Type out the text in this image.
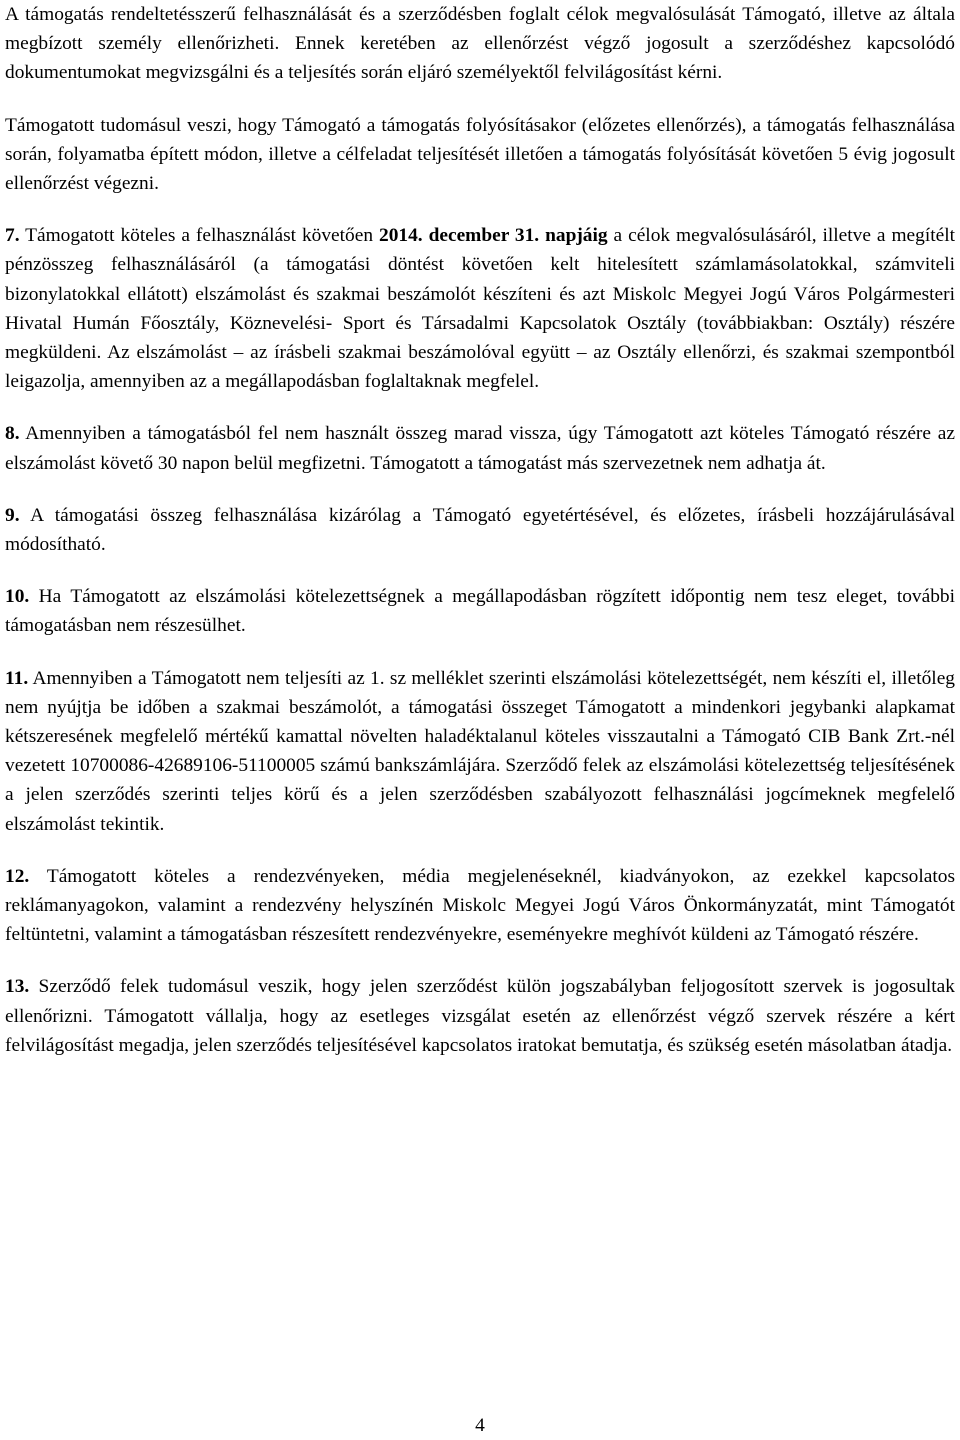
A támogatás rendeltetésszerű felhasználását és a szerződésben foglalt célok megvalósulását Támogató, illetve az általa megbízott személy ellenőrizheti. Ennek keretében az ellenőrzést végző jogosult a szerződéshez kapcsolódó dokumentumokat megvizsgálni és a teljesítés során eljáró személyektől felvilágosítást kérni.

Támogatott tudomásul veszi, hogy Támogató a támogatás folyósításakor (előzetes ellenőrzés), a támogatás felhasználása során, folyamatba épített módon, illetve a célfeladat teljesítését illetően a támogatás folyósítását követően 5 évig jogosult ellenőrzést végezni.

7. Támogatott köteles a felhasználást követően 2014. december 31. napjáig a célok megvalósulásáról, illetve a megítélt pénzösszeg felhasználásáról (a támogatási döntést követően kelt hitelesített számlamásolatokkal, számviteli bizonylatokkal ellátott) elszámolást és szakmai beszámolót készíteni és azt Miskolc Megyei Jogú Város Polgármesteri Hivatal Humán Főosztály, Köznevelési- Sport és Társadalmi Kapcsolatok Osztály (továbbiakban: Osztály) részére megküldeni. Az elszámolást – az írásbeli szakmai beszámolóval együtt – az Osztály ellenőrzi, és szakmai szempontból leigazolja, amennyiben az a megállapodásban foglaltaknak megfelel.

8. Amennyiben a támogatásból fel nem használt összeg marad vissza, úgy Támogatott azt köteles Támogató részére az elszámolást követő 30 napon belül megfizetni. Támogatott a támogatást más szervezetnek nem adhatja át.

9. A támogatási összeg felhasználása kizárólag a Támogató egyetértésével, és előzetes, írásbeli hozzájárulásával módosítható.

10. Ha Támogatott az elszámolási kötelezettségnek a megállapodásban rögzített időpontig nem tesz eleget, további támogatásban nem részesülhet.

11. Amennyiben a Támogatott nem teljesíti az 1. sz melléklet szerinti elszámolási kötelezettségét, nem készíti el, illetőleg nem nyújtja be időben a szakmai beszámolót, a támogatási összeget Támogatott a mindenkori jegybanki alapkamat kétszeresének megfelelő mértékű kamattal növelten haladéktalanul köteles visszautalni a Támogató CIB Bank Zrt.-nél vezetett 10700086-42689106-51100005 számú bankszámlájára. Szerződő felek az elszámolási kötelezettség teljesítésének a jelen szerződés szerinti teljes körű és a jelen szerződésben szabályozott felhasználási jogcímeknek megfelelő elszámolást tekintik.

12. Támogatott köteles a rendezvényeken, média megjelenéseknél, kiadványokon, az ezekkel kapcsolatos reklámanyagokon, valamint a rendezvény helyszínén Miskolc Megyei Jogú Város Önkormányzatát, mint Támogatót feltüntetni, valamint a támogatásban részesített rendezvényekre, eseményekre meghívót küldeni az Támogató részére.

13. Szerződő felek tudomásul veszik, hogy jelen szerződést külön jogszabályban feljogosított szervek is jogosultak ellenőrizni. Támogatott vállalja, hogy az esetleges vizsgálat esetén az ellenőrzést végző szervek részére a kért felvilágosítást megadja, jelen szerződés teljesítésével kapcsolatos iratokat bemutatja, és szükség esetén másolatban átadja.

4
